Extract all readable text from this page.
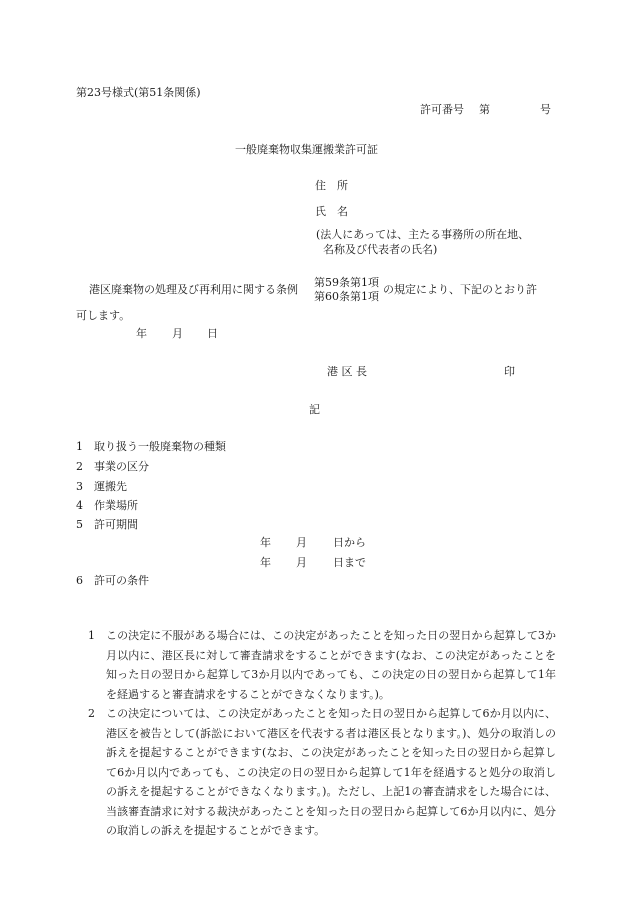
第23号様式(第51条関係)
許可番号 第	号
一般廃棄物収集運搬業許可証
住　所
氏　名
(法人にあっては、主たる事務所の所在地、
名称及び代表者の氏名)
港区廃棄物の処理及び再利用に関する条例
第59条第1項
第60条第1項
の規定により、下記のとおり許
可します。
年 月 日
港 区 長	印
記
1 取り扱う一般廃棄物の種類
2 事業の区分
3 運搬先
4 作業場所
5 許可期間
年 月 日から
年 月 日まで
6 許可の条件
1 この決定に不服がある場合には、この決定があったことを知った日の翌日から起算して3か月以内に、港区長に対して審査請求をすることができます(なお、この決定があったことを知った日の翌日から起算して3か月以内であっても、この決定の日の翌日から起算して1年を経過すると審査請求をすることができなくなります。)。
2 この決定については、この決定があったことを知った日の翌日から起算して6か月以内に、港区を被告として(訴訟において港区を代表する者は港区長となります。)、処分の取消しの訴えを提起することができます(なお、この決定があったことを知った日の翌日から起算して6か月以内であっても、この決定の日の翌日から起算して1年を経過すると処分の取消しの訴えを提起することができなくなります。)。ただし、上記1の審査請求をした場合には、当該審査請求に対する裁決があったことを知った日の翌日から起算して6か月以内に、処分の取消しの訴えを提起することができます。
